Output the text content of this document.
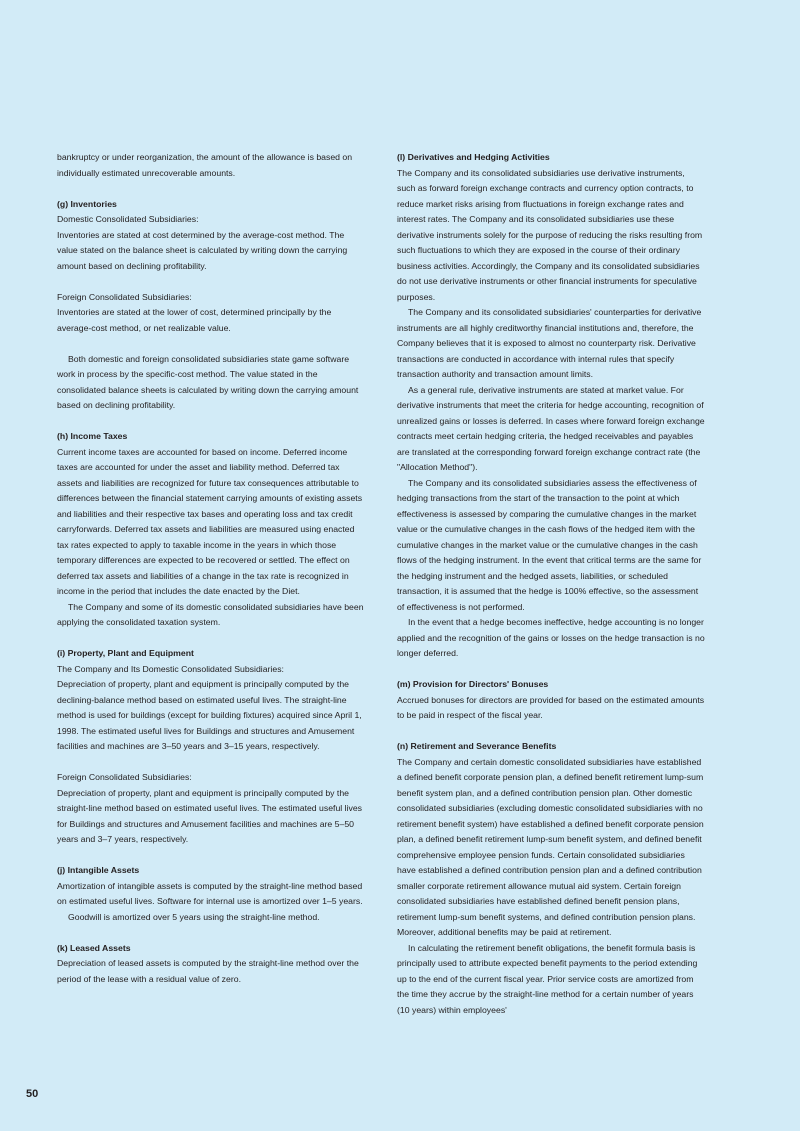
bankruptcy or under reorganization, the amount of the allowance is based on individually estimated unrecoverable amounts.

(g) Inventories

Domestic Consolidated Subsidiaries:

Inventories are stated at cost determined by the average-cost method. The value stated on the balance sheet is calculated by writing down the carrying amount based on declining profitability.

Foreign Consolidated Subsidiaries:

Inventories are stated at the lower of cost, determined principally by the average-cost method, or net realizable value.

Both domestic and foreign consolidated subsidiaries state game software work in process by the specific-cost method. The value stated in the consolidated balance sheets is calculated by writing down the carrying amount based on declining profitability.

(h) Income Taxes

Current income taxes are accounted for based on income. Deferred income taxes are accounted for under the asset and liability method. Deferred tax assets and liabilities are recognized for future tax consequences attributable to differences between the financial statement carrying amounts of existing assets and liabilities and their respective tax bases and operating loss and tax credit carryforwards. Deferred tax assets and liabilities are measured using enacted tax rates expected to apply to taxable income in the years in which those temporary differences are expected to be recovered or settled. The effect on deferred tax assets and liabilities of a change in the tax rate is recognized in income in the period that includes the date enacted by the Diet.

The Company and some of its domestic consolidated subsidiaries have been applying the consolidated taxation system.

(i) Property, Plant and Equipment

The Company and Its Domestic Consolidated Subsidiaries:

Depreciation of property, plant and equipment is principally computed by the declining-balance method based on estimated useful lives. The straight-line method is used for buildings (except for building fixtures) acquired since April 1, 1998. The estimated useful lives for Buildings and structures and Amusement facilities and machines are 3–50 years and 3–15 years, respectively.

Foreign Consolidated Subsidiaries:

Depreciation of property, plant and equipment is principally computed by the straight-line method based on estimated useful lives. The estimated useful lives for Buildings and structures and Amusement facilities and machines are 5–50 years and 3–7 years, respectively.

(j) Intangible Assets

Amortization of intangible assets is computed by the straight-line method based on estimated useful lives. Software for internal use is amortized over 1–5 years.

Goodwill is amortized over 5 years using the straight-line method.

(k) Leased Assets

Depreciation of leased assets is computed by the straight-line method over the period of the lease with a residual value of zero.

(l) Derivatives and Hedging Activities

The Company and its consolidated subsidiaries use derivative instruments, such as forward foreign exchange contracts and currency option contracts, to reduce market risks arising from fluctuations in foreign exchange rates and interest rates. The Company and its consolidated subsidiaries use these derivative instruments solely for the purpose of reducing the risks resulting from such fluctuations to which they are exposed in the course of their ordinary business activities. Accordingly, the Company and its consolidated subsidiaries do not use derivative instruments or other financial instruments for speculative purposes.

The Company and its consolidated subsidiaries' counterparties for derivative instruments are all highly creditworthy financial institutions and, therefore, the Company believes that it is exposed to almost no counterparty risk. Derivative transactions are conducted in accordance with internal rules that specify transaction authority and transaction amount limits.

As a general rule, derivative instruments are stated at market value. For derivative instruments that meet the criteria for hedge accounting, recognition of unrealized gains or losses is deferred. In cases where forward foreign exchange contracts meet certain hedging criteria, the hedged receivables and payables are translated at the corresponding forward foreign exchange contract rate (the "Allocation Method").

The Company and its consolidated subsidiaries assess the effectiveness of hedging transactions from the start of the transaction to the point at which effectiveness is assessed by comparing the cumulative changes in the market value or the cumulative changes in the cash flows of the hedged item with the cumulative changes in the market value or the cumulative changes in the cash flows of the hedging instrument. In the event that critical terms are the same for the hedging instrument and the hedged assets, liabilities, or scheduled transaction, it is assumed that the hedge is 100% effective, so the assessment of effectiveness is not performed.

In the event that a hedge becomes ineffective, hedge accounting is no longer applied and the recognition of the gains or losses on the hedge transaction is no longer deferred.

(m) Provision for Directors' Bonuses

Accrued bonuses for directors are provided for based on the estimated amounts to be paid in respect of the fiscal year.

(n) Retirement and Severance Benefits

The Company and certain domestic consolidated subsidiaries have established a defined benefit corporate pension plan, a defined benefit retirement lump-sum benefit system plan, and a defined contribution pension plan. Other domestic consolidated subsidiaries (excluding domestic consolidated subsidiaries with no retirement benefit system) have established a defined benefit corporate pension plan, a defined benefit retirement lump-sum benefit system, and defined benefit comprehensive employee pension funds. Certain consolidated subsidiaries have established a defined contribution pension plan and a defined contribution smaller corporate retirement allowance mutual aid system. Certain foreign consolidated subsidiaries have established defined benefit pension plans, retirement lump-sum benefit systems, and defined contribution pension plans. Moreover, additional benefits may be paid at retirement.

In calculating the retirement benefit obligations, the benefit formula basis is principally used to attribute expected benefit payments to the period extending up to the end of the current fiscal year. Prior service costs are amortized from the time they accrue by the straight-line method for a certain number of years (10 years) within employees'

50
